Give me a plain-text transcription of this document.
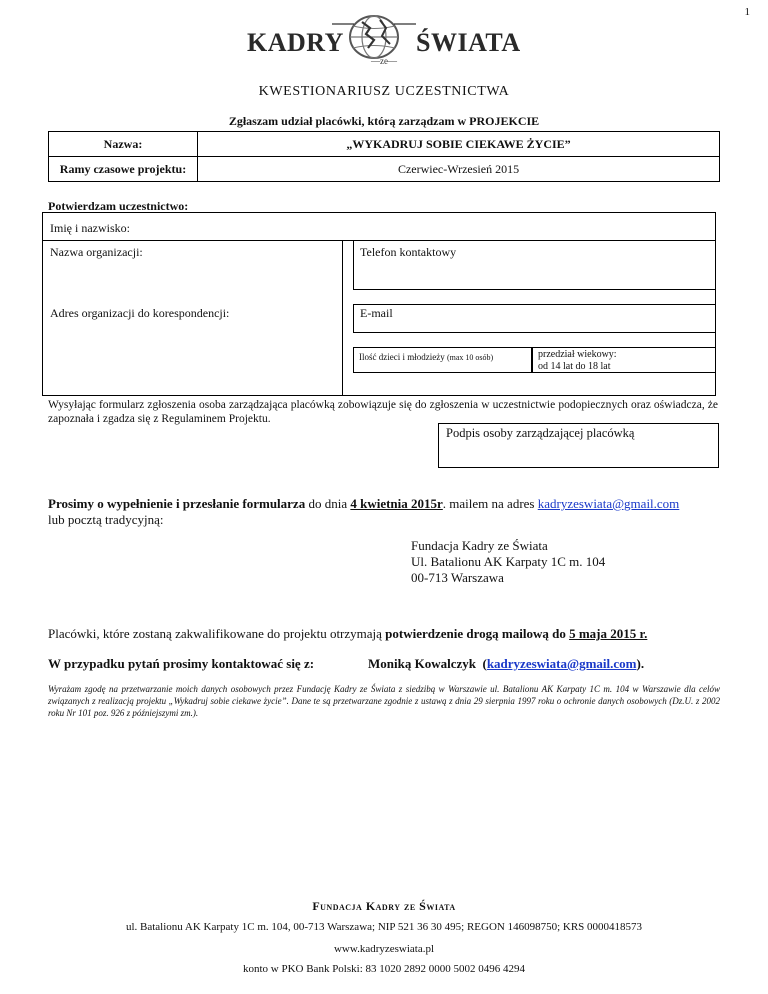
1
KADRY	ŚWIATA
—ze—
KWESTIONARIUSZ UCZESTNICTWA
Zgłaszam udział placówki, którą zarządzam w PROJEKCIE
Nazwa:	„WYKADRUJ SOBIE CIEKAWE ŻYCIE”
Ramy czasowe projektu:	Czerwiec-Wrzesień 2015
Potwierdzam uczestnictwo:
Imię i nazwisko:
Nazwa organizacji:
Adres organizacji do korespondencji:
Telefon kontaktowy
E-mail
Ilość dzieci i młodzieży (max 10 osób)	przedział wiekowy:
od 14 lat do 18 lat
Wysyłając formularz zgłoszenia osoba zarządzająca placówką zobowiązuje się do zgłoszenia w uczestnictwie podopiecznych oraz oświadcza, że zapoznała i zgadza się z Regulaminem Projektu.
Podpis osoby zarządzającej placówką
Prosimy o wypełnienie i przesłanie formularza do dnia 4 kwietnia 2015r. mailem na adres kadryzeswiata@gmail.com
lub pocztą tradycyjną:
Fundacja Kadry ze Świata
Ul. Batalionu AK Karpaty 1C m. 104
00-713 Warszawa
Placówki, które zostaną zakwalifikowane do projektu otrzymają potwierdzenie drogą mailową do 5 maja 2015 r.
W przypadku pytań prosimy kontaktować się z:	Moniką Kowalczyk  (kadryzeswiata@gmail.com).
Wyrażam zgodę na przetwarzanie moich danych osobowych przez Fundację Kadry ze Świata z siedzibą w Warszawie ul. Batalionu AK Karpaty 1C m. 104 w Warszawie dla celów związanych z realizacją projektu „Wykadruj sobie ciekawe życie”. Dane te są przetwarzane zgodnie z ustawą z dnia 29 sierpnia 1997 roku o ochronie danych osobowych (Dz.U. z 2002 roku Nr 101 poz. 926 z późniejszymi zm.).
Fundacja Kadry ze Świata
ul. Batalionu AK Karpaty 1C m. 104, 00-713 Warszawa; NIP 521 36 30 495; REGON 146098750; KRS 0000418573
www.kadryzeswiata.pl
konto w PKO Bank Polski: 83 1020 2892 0000 5002 0496 4294
